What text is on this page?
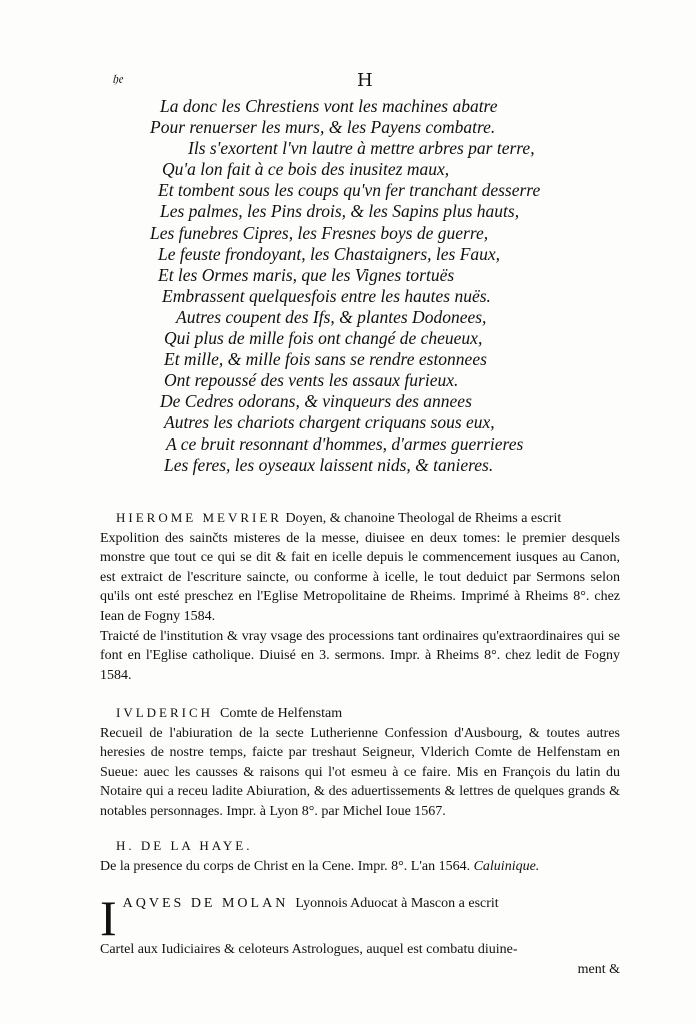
𝔥𝔢	H
La donc les Chrestiens vont les machines abatre
Pour renuerser les murs, & les Payens combatre.
Ils s'exortent l'vn lautre à mettre arbres par terre,
Qu'a lon fait à ce bois des inusitez maux,
Et tombent sous les coups qu'vn fer tranchant desserre
Les palmes, les Pins drois, & les Sapins plus hauts,
Les funebres Cipres, les Fresnes boys de guerre,
Le feuste frondoyant, les Chastaigners, les Faux,
Et les Ormes maris, que les Vignes tortuës
Embrassent quelquesfois entre les hautes nuës.
Autres coupent des Ifs, & plantes Dodonees,
Qui plus de mille fois ont changé de cheueux,
Et mille, & mille fois sans se rendre estonnees
Ont repoussé des vents les assaux furieux.
De Cedres odorans, & vinqueurs des annees
Autres les chariots chargent criquans sous eux,
A ce bruit resonnant d'hommes, d'armes guerrieres
Les feres, les oyseaux laissent nids, & tanieres.

HIEROME MEVRIER Doyen, & chanoine Theologal de Rheims a escrit

Expolition des sainčts misteres de la messe, diuisee en deux tomes: le premier desquels monstre que tout ce qui se dit & fait en icelle depuis le commencement iusques au Canon, est extraict de l'escriture saincte, ou conforme à icelle, le tout deduict par Sermons selon qu'ils ont esté preschez en l'Eglise Metropolitaine de Rheims. Imprimé à Rheims 8°. chez Iean de Fogny 1584.

Traicté de l'institution & vray vsage des processions tant ordinaires qu'extraordinaires qui se font en l'Eglise catholique. Diuisé en 3. sermons. Impr. à Rheims 8°. chez ledit de Fogny 1584.

IVLDERICH Comte de Helfenstam

Recueil de l'abiuration de la secte Lutherienne Confession d'Ausbourg, & toutes autres heresies de nostre temps, faicte par treshaut Seigneur, Vlderich Comte de Helfenstam en Sueue: auec les causses & raisons qui l'ot esmeu à ce faire. Mis en François du latin du Notaire qui a receu ladite Abiuration, & des aduertissements & lettres de quelques grands & notables personnages. Impr. à Lyon 8°. par Michel Ioue 1567.

H. DE LA HAYE.

De la presence du corps de Christ en la Cene. Impr. 8°. L'an 1564. Caluinique.

I AQVES DE MOLAN Lyonnois Aduocat à Mascon a escrit

Cartel aux Iudiciaires & celoteurs Astrologues, auquel est combatu diuine-

ment &
